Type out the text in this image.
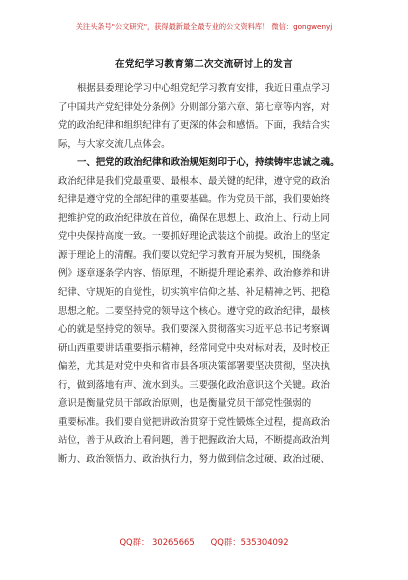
关注头条号"公文研究"，获得最新最全最专业的公文资料库！ 微信：gongwenyj
在党纪学习教育第二次交流研讨上的发言
根据县委理论学习中心组党纪学习教育安排，我近日重点学习
了中国共产党纪律处分条例》分则部分第六章、第七章等内容，对
党的政治纪律和组织纪律有了更深的体会和感悟。下面，我结合实
际，与大家交流几点体会。
一、把党的政治纪律和政治规矩刻印于心，持续铸牢忠诚之魂。
政治纪律是我们党最重要、最根本、最关键的纪律，遵守党的政治
纪律是遵守党的全部纪律的重要基础。作为党员干部，我们要始终
把维护党的政治纪律放在首位，确保在思想上、政治上、行动上同
党中央保持高度一致。一要抓好理论武装这个前提。政治上的坚定
源于理论上的清醒。我们要以党纪学习教育开展为契机，围绕条
例》逐章逐条学内容、悟原理，不断提升理论素养、政治修养和讲
纪律、守规矩的自觉性，切实筑牢信仰之基、补足精神之钙、把稳
思想之舵。二要坚持党的领导这个核心。遵守党的政治纪律，最核
心的就是坚持党的领导。我们要深入贯彻落实习近平总书记考察调
研山西重要讲话重要指示精神，经常同党中央对标对表，及时校正
偏差，尤其是对党中央和省市县各项决策部署要坚决贯彻，坚决执
行，做到落地有声、流水到头。三要强化政治意识这个关键。政治
意识是衡量党员干部政治原则，也是衡量党员干部党性强弱的
重要标准。我们要自觉把讲政治贯穿于党性锻炼全过程，提高政治
站位，善于从政治上看问题，善于把握政治大局，不断提高政治判
断力、政治领悟力、政治执行力，努力做到信念过硬、政治过硬、
QQ群： 30265665      QQ群：535304092
